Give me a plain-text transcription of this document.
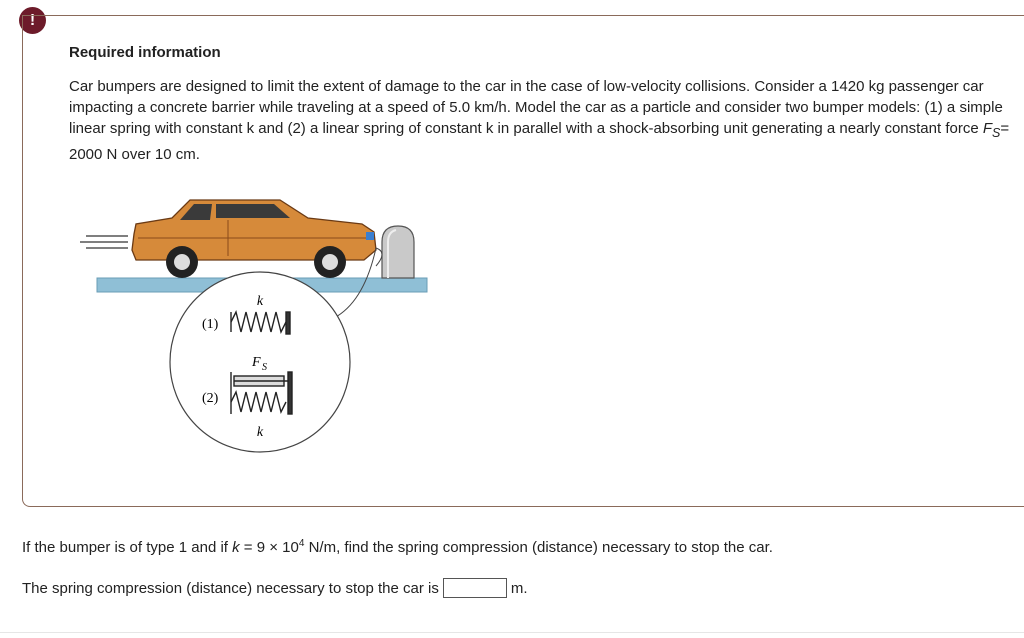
!
Required information
Car bumpers are designed to limit the extent of damage to the car in the case of low-velocity collisions. Consider a 1420 kg passenger car impacting a concrete barrier while traveling at a speed of 5.0 km/h. Model the car as a particle and consider two bumper models: (1) a simple linear spring with constant k and (2) a linear spring of constant k in parallel with a shock-absorbing unit generating a nearly constant force $F_S= 2000$ N over 10 cm.
k
(1)
F S
(2)
k
If the bumper is of type 1 and if $k = 9 \times 10^4$ N/m, find the spring compression (distance) necessary to stop the car.
The spring compression (distance) necessary to stop the car is	m.
